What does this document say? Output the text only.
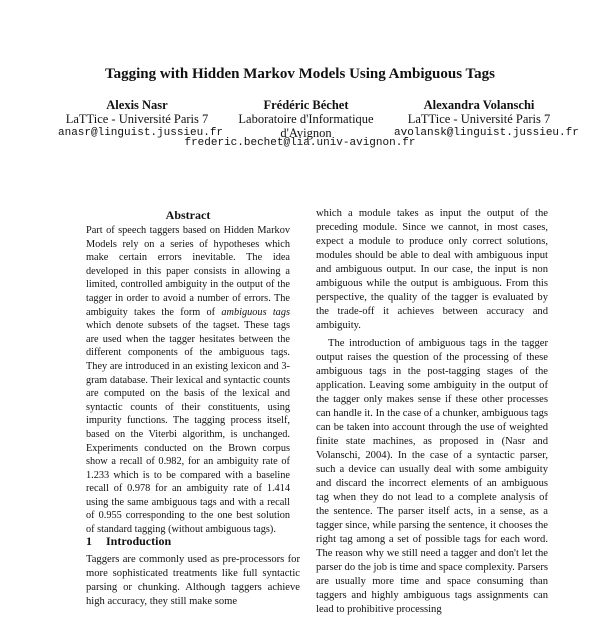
Tagging with Hidden Markov Models Using Ambiguous Tags
Alexis Nasr
LaTTice - Université Paris 7
anasr@linguist.jussieu.fr
Frédéric Béchet
Laboratoire d'Informatique
d'Avignon
Alexandra Volanschi
LaTTice - Université Paris 7
avolansk@linguist.jussieu.fr
frederic.bechet@lia.univ-avignon.fr
Abstract
Part of speech taggers based on Hidden Markov Models rely on a series of hypotheses which make certain errors inevitable. The idea developed in this paper consists in allowing a limited, controlled ambiguity in the output of the tagger in order to avoid a number of errors. The ambiguity takes the form of ambiguous tags which denote subsets of the tagset. These tags are used when the tagger hesitates between the different components of the ambiguous tags. They are introduced in an existing lexicon and 3-gram database. Their lexical and syntactic counts are computed on the basis of the lexical and syntactic counts of their constituents, using impurity functions. The tagging process itself, based on the Viterbi algorithm, is unchanged. Experiments conducted on the Brown corpus show a recall of 0.982, for an ambiguity rate of 1.233 which is to be compared with a baseline recall of 0.978 for an ambiguity rate of 1.414 using the same ambiguous tags and with a recall of 0.955 corresponding to the one best solution of standard tagging (without ambiguous tags).
1 Introduction
Taggers are commonly used as pre-processors for more sophisticated treatments like full syntactic parsing or chunking. Although taggers achieve high accuracy, they still make some

which a module takes as input the output of the preceding module. Since we cannot, in most cases, expect a module to produce only correct solutions, modules should be able to deal with ambiguous input and ambiguous output. In our case, the input is non ambiguous while the output is ambiguous. From this perspective, the quality of the tagger is evaluated by the trade-off it achieves between accuracy and ambiguity.

The introduction of ambiguous tags in the tagger output raises the question of the processing of these ambiguous tags in the post-tagging stages of the application. Leaving some ambiguity in the output of the tagger only makes sense if these other processes can handle it. In the case of a chunker, ambiguous tags can be taken into account through the use of weighted finite state machines, as proposed in (Nasr and Volanschi, 2004). In the case of a syntactic parser, such a device can usually deal with some ambiguity and discard the incorrect elements of an ambiguous tag when they do not lead to a complete analysis of the sentence. The parser itself acts, in a sense, as a tagger since, while parsing the sentence, it chooses the right tag among a set of possible tags for each word. The reason why we still need a tagger and don't let the parser do the job is time and space complexity. Parsers are usually more time and space consuming than taggers and highly ambiguous tags assignments can lead to prohibitive processing
